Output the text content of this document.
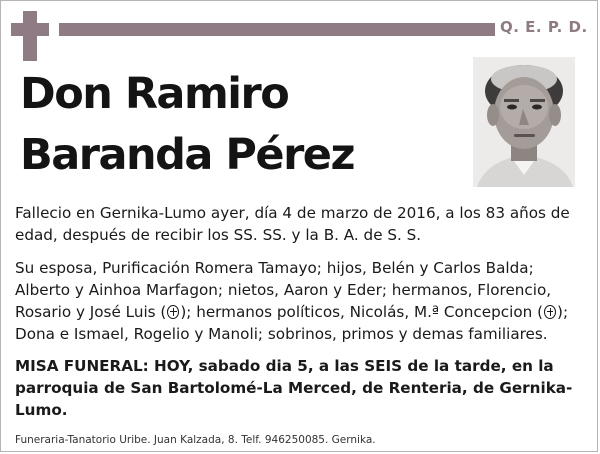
Q. E. P. D.
Don Ramiro
Baranda Pérez
Fallecio en Gernika-Lumo ayer, día 4 de marzo de 2016, a los 83 años de edad, después de recibir los SS. SS. y la B. A. de S. S.
Su esposa, Purificación Romera Tamayo; hijos, Belén y Carlos Balda; Alberto y Ainhoa Marfagon; nietos, Aaron y Eder; hermanos, Florencio, Rosario y José Luis ( ); hermanos políticos, Nicolás, M.ª Concepcion ( ); Dona e Ismael, Rogelio y Manoli; sobrinos, primos y demas familiares.
MISA FUNERAL: HOY, sabado dia 5, a las SEIS de la tarde, en la parroquia de San Bartolomé-La Merced, de Renteria, de Gernika-Lumo.
Funeraria-Tanatorio Uribe. Juan Kalzada, 8. Telf. 946250085. Gernika.
